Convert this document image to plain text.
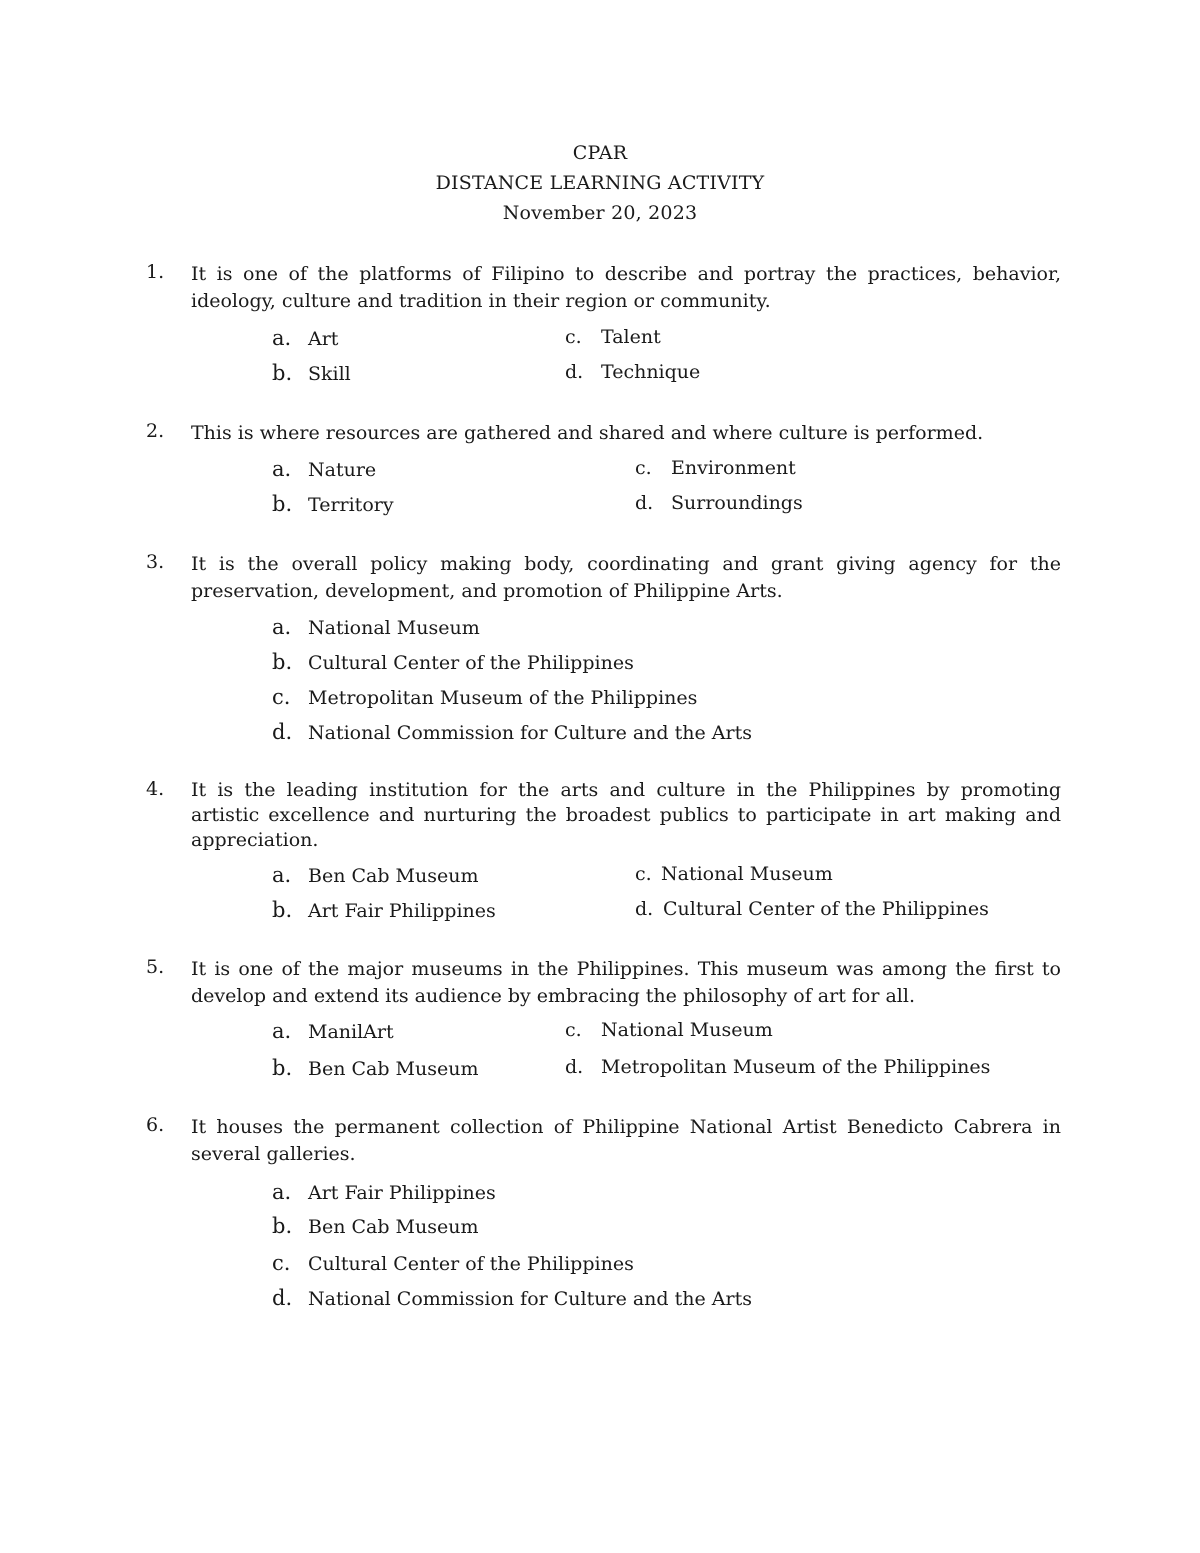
CPAR
DISTANCE LEARNING ACTIVITY
November 20, 2023
1. It is one of the platforms of Filipino to describe and portray the practices, behavior, ideology, culture and tradition in their region or community.
a. Art
b. Skill
c. Talent
d. Technique
2. This is where resources are gathered and shared and where culture is performed.
a. Nature
b. Territory
c. Environment
d. Surroundings
3. It is the overall policy making body, coordinating and grant giving agency for the preservation, development, and promotion of Philippine Arts.
a. National Museum
b. Cultural Center of the Philippines
c. Metropolitan Museum of the Philippines
d. National Commission for Culture and the Arts
4. It is the leading institution for the arts and culture in the Philippines by promoting artistic excellence and nurturing the broadest publics to participate in art making and appreciation.
a. Ben Cab Museum
b. Art Fair Philippines
c. National Museum
d. Cultural Center of the Philippines
5. It is one of the major museums in the Philippines. This museum was among the first to develop and extend its audience by embracing the philosophy of art for all.
a. ManilArt
b. Ben Cab Museum
c. National Museum
d. Metropolitan Museum of the Philippines
6. It houses the permanent collection of Philippine National Artist Benedicto Cabrera in several galleries.
a. Art Fair Philippines
b. Ben Cab Museum
c. Cultural Center of the Philippines
d. National Commission for Culture and the Arts
